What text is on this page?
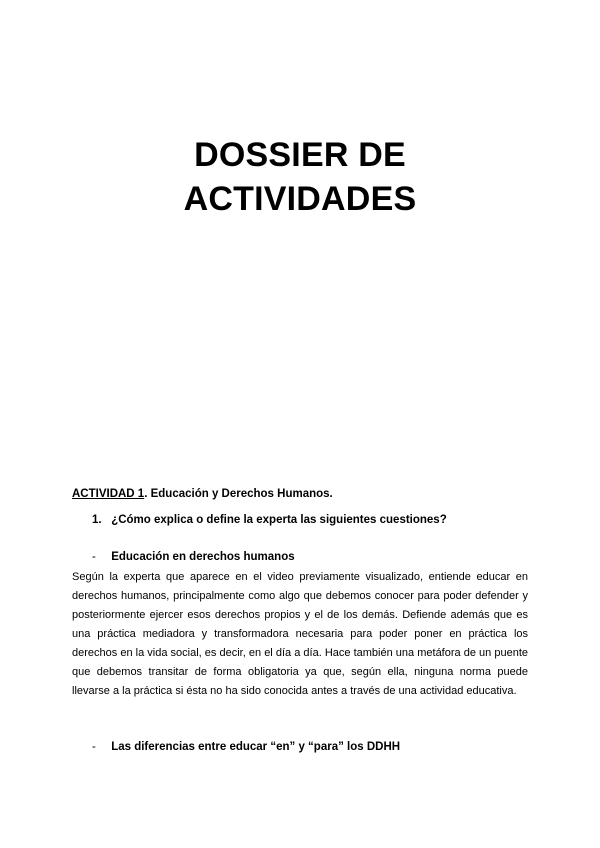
DOSSIER DE
ACTIVIDADES
ACTIVIDAD 1. Educación y Derechos Humanos.
1. ¿Cómo explica o define la experta las siguientes cuestiones?
- Educación en derechos humanos
Según la experta que aparece en el video previamente visualizado, entiende educar en derechos humanos, principalmente como algo que debemos conocer para poder defender y posteriormente ejercer esos derechos propios y el de los demás. Defiende además que es una práctica mediadora y transformadora necesaria para poder poner en práctica los derechos en la vida social, es decir, en el día a día. Hace también una metáfora de un puente que debemos transitar de forma obligatoria ya que, según ella, ninguna norma puede llevarse a la práctica si ésta no ha sido conocida antes a través de una actividad educativa.
- Las diferencias entre educar “en” y “para” los DDHH
